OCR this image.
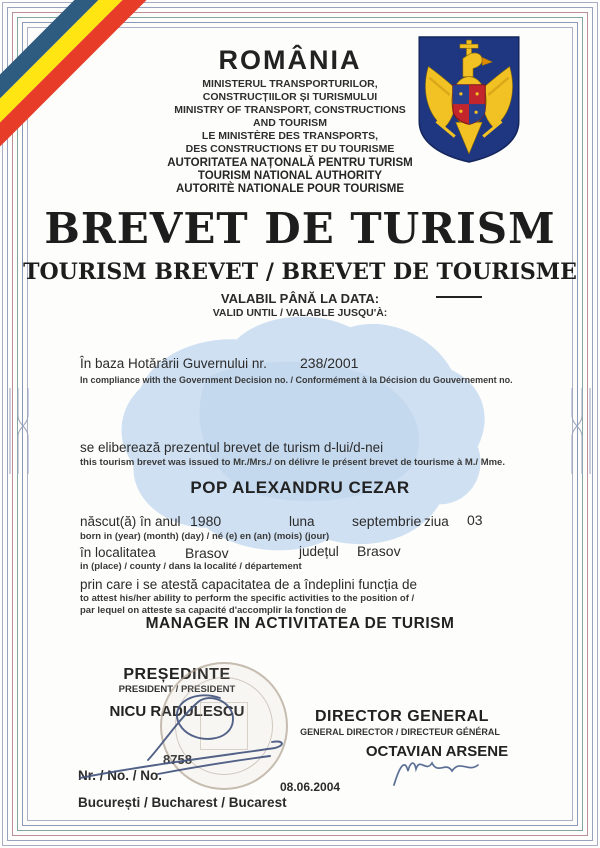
ROMÂNIA
MINISTERUL TRANSPORTURILOR,
CONSTRUCȚIILOR ȘI TURISMULUI
MINISTRY OF TRANSPORT, CONSTRUCTIONS
AND TOURISM
LE MINISTÈRE DES TRANSPORTS,
DES CONSTRUCTIONS ET DU TOURISME
AUTORITATEA NAȚONALĂ PENTRU TURISM
TOURISM NATIONAL AUTHORITY
AUTORITÈ NATIONALE POUR TOURISME
BREVET DE TURISM
TOURISM BREVET / BREVET DE TOURISME
VALABIL PÂNĂ LA DATA:
VALID UNTIL / VALABLE JUSQU'À:
În baza Hotărârii Guvernului nr. 238/2001
In compliance with the Government Decision no. / Conformément à la Décision du Gouvernement no.
se eliberează prezentul brevet de turism d-lui/d-nei
this tourism brevet was issued to Mr./Mrs./ on délivre le présent brevet de tourisme à M./ Mme.
POP ALEXANDRU CEZAR
născut(ă) în anul 1980	luna	septembrie ziua 03
born in (year) (month) (day) / né (e) en (an) (mois) (jour)
în localitatea Brasov	județul Brasov
in (place) / county / dans la localité / département
prin care i se atestă capacitatea de a îndeplini funcția de
to attest his/her ability to perform the specific activities to the position of /
par lequel on atteste sa capacité d'accomplir la fonction de
MANAGER IN ACTIVITATEA DE TURISM
PREȘEDINTE
PRESIDENT / PRESIDENT
NICU RADULESCU	DIRECTOR GENERAL
GENERAL DIRECTOR / DIRECTEUR GÉNÉRAL
OCTAVIAN ARSENE
8758
Nr. / No. / No.
08.06.2004
București / Bucharest / Bucarest
